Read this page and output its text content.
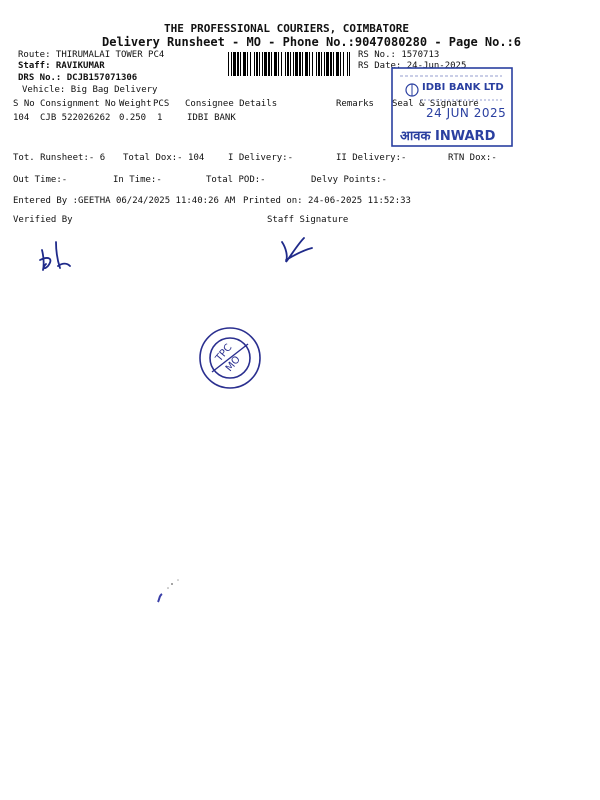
THE PROFESSIONAL COURIERS, COIMBATORE
Delivery Runsheet - MO - Phone No.:9047080280 - Page No.:6
Route: THIRUMALAI TOWER PC4
Staff: RAVIKUMAR
DRS No.: DCJB157071306
Vehicle: Big Bag Delivery
RS No.: 1570713
RS Date: 24-Jun-2025
S No Consignment No Weight PCS Consignee Details	Remarks Seal & Signature
104 CJB 522026262 0.250 1	IDBI BANK
IDBI BANK LTD
24 JUN 2025
आवक INWARD
Tot. Runsheet:- 6 Total Dox:- 104	I Delivery:-	II Delivery:-	RTN Dox:-
Out Time:-	In Time:-	Total POD:-	Delvy Points:-
Entered By :GEETHA 06/24/2025 11:40:26 AM Printed on: 24-06-2025 11:52:33
Verified By	Staff Signature
TPC
MO
